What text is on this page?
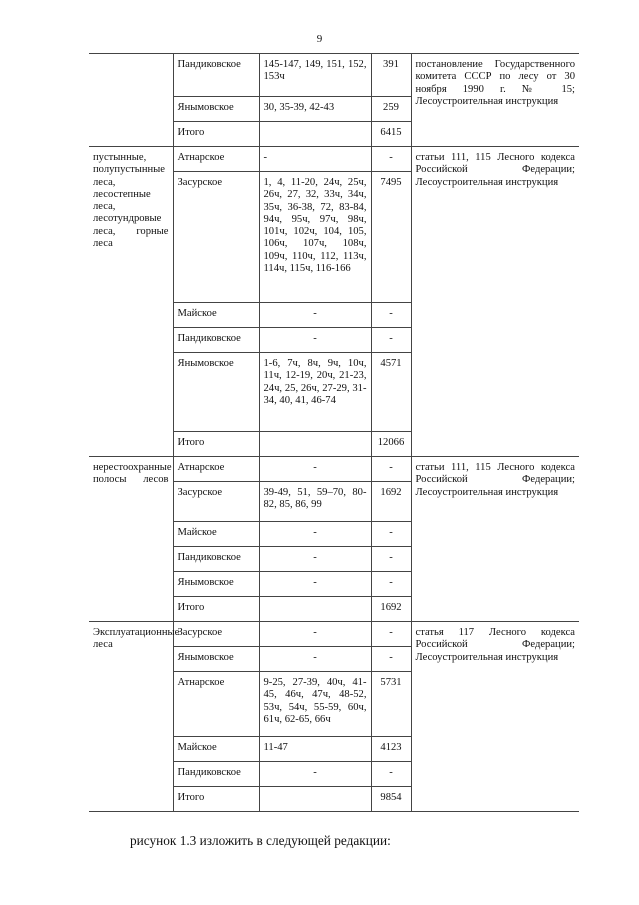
9
	Пандиковское	145-147, 149, 151, 152, 153ч	391	постановление Государственного комитета СССР по лесу от 30 ноября 1990 г. № 15; Лесоустроительная инструкция
	Янымовское	30, 35-39, 42-43	259	
	Итого		6415	
пустынные, полупустынные леса, лесостепные леса, лесотундровые леса, горные леса	Атнарское	-	-	статьи 111, 115 Лесного кодекса Российской Федерации; Лесоустроительная инструкция
	Засурское	1, 4, 11-20, 24ч, 25ч, 26ч, 27, 32, 33ч, 34ч, 35ч, 36-38, 72, 83-84, 94ч, 95ч, 97ч, 98ч, 101ч, 102ч, 104, 105, 106ч, 107ч, 108ч, 109ч, 110ч, 112, 113ч, 114ч, 115ч, 116-166	7495	
	Майское	-	-	
	Пандиковское	-	-	
	Янымовское	1-6, 7ч, 8ч, 9ч, 10ч, 11ч, 12-19, 20ч, 21-23, 24ч, 25, 26ч, 27-29, 31-34, 40, 41, 46-74	4571	
	Итого		12066	
нерестоохранные полосы лесов	Атнарское	-	-	статьи 111, 115 Лесного кодекса Российской Федерации; Лесоустроительная инструкция
	Засурское	39-49, 51, 59–70, 80-82, 85, 86, 99	1692	
	Майское	-	-	
	Пандиковское	-	-	
	Янымовское	-	-	
	Итого		1692	
Эксплуатационные леса	Засурское	-	-	статья 117 Лесного кодекса Российской Федерации; Лесоустроительная инструкция
	Янымовское	-	-	
	Атнарское	9-25, 27-39, 40ч, 41-45, 46ч, 47ч, 48-52, 53ч, 54ч, 55-59, 60ч, 61ч, 62-65, 66ч	5731	
	Майское	11-47	4123	
	Пандиковское	-	-	
	Итого		9854	
рисунок 1.3 изложить в следующей редакции:
